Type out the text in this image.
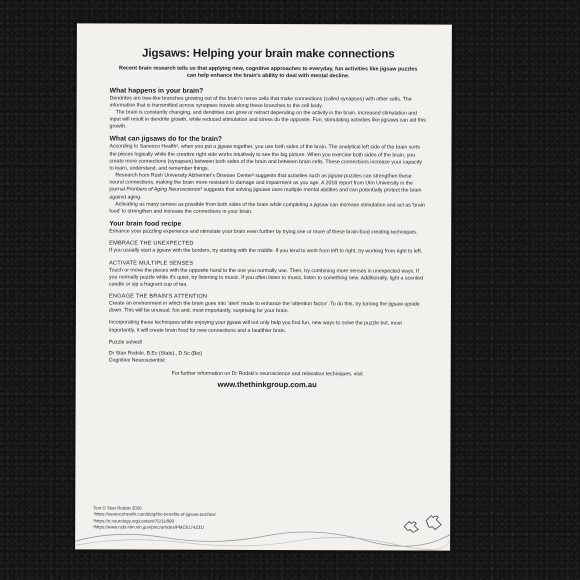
Jigsaws: Helping your brain make connections
Recent brain research tells us that applying new, cognitive approaches to everyday, fun activities like jigsaw puzzles can help enhance the brain's ability to deal with mental decline.
What happens in your brain?

Dendrites are tree-like branches growing out of the brain's nerve cells that make connections (called synapses) with other cells. The information that is transmitted across synapses travels along these branches to the cell body.

The brain is constantly changing, and dendrites can grow or retract depending on the activity in the brain. Increased stimulation and input will result in dendrite growth, while reduced stimulation and stress do the opposite. Fun, stimulating activities like jigsaws can aid this growth.

What can jigsaws do for the brain?

According to Sanesco Health¹, when you put a jigsaw together, you use both sides of the brain. The analytical left side of the brain sorts the pieces logically while the creative right side works intuitively to see the big picture. When you exercise both sides of the brain, you create more connections (synapses) between both sides of the brain and between brain cells. These connections increase your capacity to learn, understand, and remember things.

Research from Rush University Alzheimer's Disease Center² suggests that activities such as jigsaw puzzles can strengthen these neural connections, making the brain more resistant to damage and impairment as you age. A 2018 report from Ulm University in the journal Frontiers of Aging Neuroscience³ suggests that solving jigsaws uses multiple mental abilities and can potentially protect the brain against aging.

Activating as many senses as possible from both sides of the brain while completing a jigsaw can increase stimulation and act as 'brain food' to strengthen and increase the connections in your brain.

Your brain food recipe

Enhance your puzzling experience and stimulate your brain even further by trying one or more of these brain-food creating techniques.

EMBRACE THE UNEXPECTED

If you usually start a jigsaw with the borders, try starting with the middle. If you tend to work from left to right, try working from right to left.

ACTIVATE MULTIPLE SENSES

Touch or move the pieces with the opposite hand to the one you normally use. Then, try combining more senses in unexpected ways. If you normally puzzle while it's quiet, try listening to music. If you often listen to music, listen to something new. Additionally, light a scented candle or sip a fragrant cup of tea.

ENGAGE THE BRAIN'S ATTENTION

Create an environment in which the brain goes into 'alert' mode to enhance the 'attention factor'. To do this, try turning the jigsaw upside down. This will be unusual, fun and, most importantly, surprising for your brain.

Incorporating these techniques while enjoying your jigsaw will not only help you find fun, new ways to solve the puzzle but, most importantly, it will create brain food for new connections and a healthier brain.

Puzzle solved!

Dr Stan Rodski, B.Ec (Stats)., D.Sc (Bio)

Cognitive Neuroscientist

For further information on Dr Rodski's neuroscience and relaxation techniques, visit

www.thethinkgroup.com.au

Text © Stan Rodski 2020

¹https://sanescohealth.com/blog/the-benefits-of-jigsaw-puzzles/

²https://n.neurology.org/content/75/11/990

³https://www.ncbi.nlm.nih.gov/pmc/articles/PMC6174231/
